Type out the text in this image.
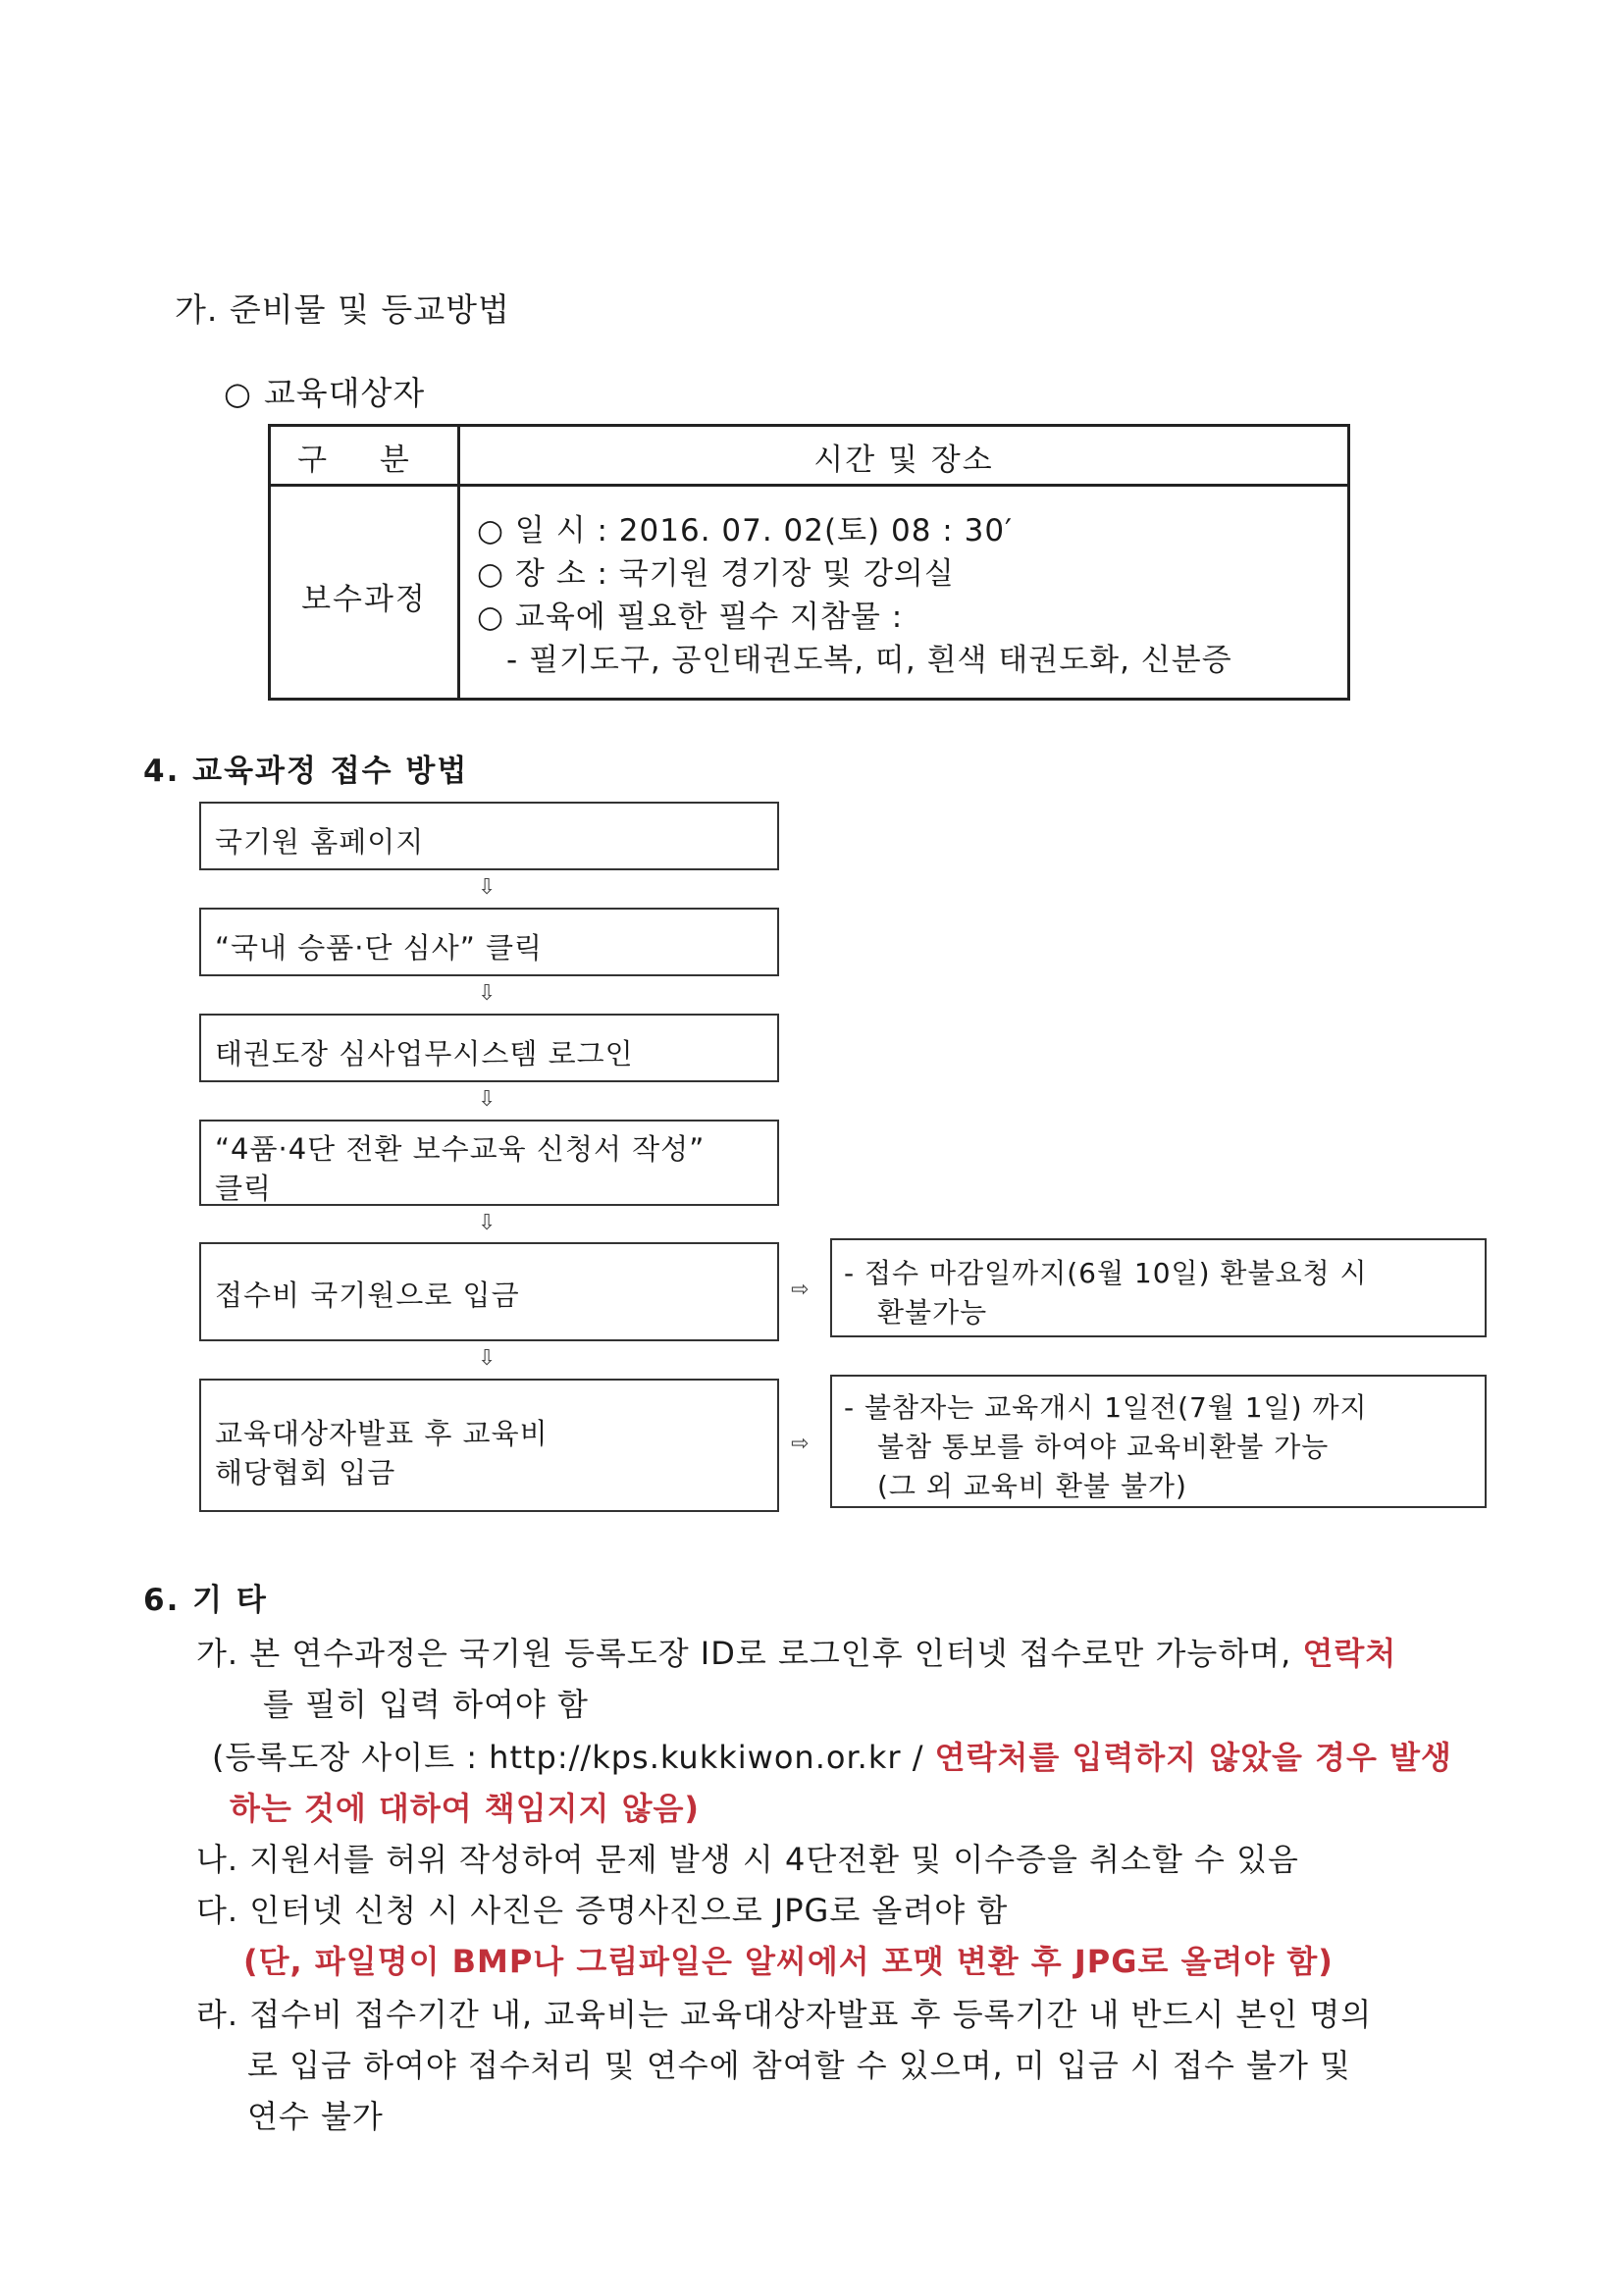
가. 준비물 및 등교방법
○ 교육대상자
구 분	시간 및 장소
보수과정
○ 일 시 : 2016. 07. 02(토) 08 : 30′
○ 장 소 : 국기원 경기장 및 강의실
○ 교육에 필요한 필수 지참물 :
- 필기도구, 공인태권도복, 띠, 흰색 태권도화, 신분증
4. 교육과정 접수 방법
국기원 홈페이지
⇩
“국내 승품·단 심사” 클릭
⇩
태권도장 심사업무시스템 로그인
⇩
“4품·4단 전환 보수교육 신청서 작성”
클릭
⇩
접수비 국기원으로 입금	⇨
- 접수 마감일까지(6월 10일) 환불요청 시
환불가능
⇩
교육대상자발표 후 교육비
해당협회 입금
⇨
- 불참자는 교육개시 1일전(7월 1일) 까지
불참 통보를 하여야 교육비환불 가능
(그 외 교육비 환불 불가)
6. 기 타
가. 본 연수과정은 국기원 등록도장 ID로 로그인후 인터넷 접수로만 가능하며, 연락처
를 필히 입력 하여야 함
(등록도장 사이트 : http://kps.kukkiwon.or.kr / 연락처를 입력하지 않았을 경우 발생
하는 것에 대하여 책임지지 않음)
나. 지원서를 허위 작성하여 문제 발생 시 4단전환 및 이수증을 취소할 수 있음
다. 인터넷 신청 시 사진은 증명사진으로 JPG로 올려야 함
(단, 파일명이 BMP나 그림파일은 알씨에서 포맷 변환 후 JPG로 올려야 함)
라. 접수비 접수기간 내, 교육비는 교육대상자발표 후 등록기간 내 반드시 본인 명의
로 입금 하여야 접수처리 및 연수에 참여할 수 있으며, 미 입금 시 접수 불가 및
연수 불가
